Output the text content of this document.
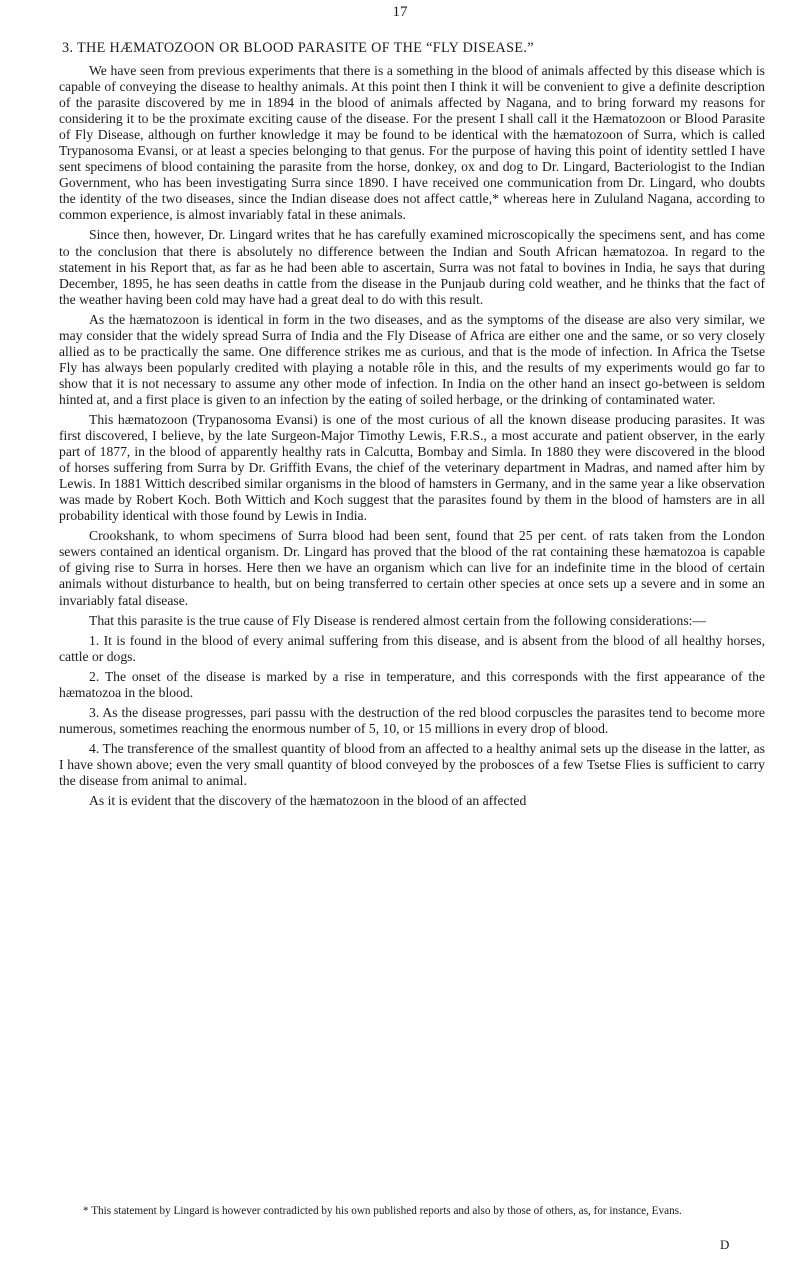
17
3. THE HÆMATOZOON OR BLOOD PARASITE OF THE “FLY DISEASE.”

We have seen from previous experiments that there is a something in the blood of animals affected by this disease which is capable of conveying the disease to healthy animals. At this point then I think it will be convenient to give a definite description of the parasite discovered by me in 1894 in the blood of animals affected by Nagana, and to bring forward my reasons for considering it to be the proximate exciting cause of the disease. For the present I shall call it the Hæmatozoon or Blood Parasite of Fly Disease, although on further knowledge it may be found to be identical with the hæmatozoon of Surra, which is called Trypanosoma Evansi, or at least a species belonging to that genus. For the purpose of having this point of identity settled I have sent specimens of blood containing the parasite from the horse, donkey, ox and dog to Dr. Lingard, Bacteriologist to the Indian Government, who has been investigating Surra since 1890. I have received one communication from Dr. Lingard, who doubts the identity of the two diseases, since the Indian disease does not affect cattle,* whereas here in Zululand Nagana, according to common experience, is almost invariably fatal in these animals.

Since then, however, Dr. Lingard writes that he has carefully examined microscopically the specimens sent, and has come to the conclusion that there is absolutely no difference between the Indian and South African hæmatozoa. In regard to the statement in his Report that, as far as he had been able to ascertain, Surra was not fatal to bovines in India, he says that during December, 1895, he has seen deaths in cattle from the disease in the Punjaub during cold weather, and he thinks that the fact of the weather having been cold may have had a great deal to do with this result.

As the hæmatozoon is identical in form in the two diseases, and as the symptoms of the disease are also very similar, we may consider that the widely spread Surra of India and the Fly Disease of Africa are either one and the same, or so very closely allied as to be practically the same. One difference strikes me as curious, and that is the mode of infection. In Africa the Tsetse Fly has always been popularly credited with playing a notable rôle in this, and the results of my experiments would go far to show that it is not necessary to assume any other mode of infection. In India on the other hand an insect go-between is seldom hinted at, and a first place is given to an infection by the eating of soiled herbage, or the drinking of contaminated water.

This hæmatozoon (Trypanosoma Evansi) is one of the most curious of all the known disease producing parasites. It was first discovered, I believe, by the late Surgeon-Major Timothy Lewis, F.R.S., a most accurate and patient observer, in the early part of 1877, in the blood of apparently healthy rats in Calcutta, Bombay and Simla. In 1880 they were discovered in the blood of horses suffering from Surra by Dr. Griffith Evans, the chief of the veterinary department in Madras, and named after him by Lewis. In 1881 Wittich described similar organisms in the blood of hamsters in Germany, and in the same year a like observation was made by Robert Koch. Both Wittich and Koch suggest that the parasites found by them in the blood of hamsters are in all probability identical with those found by Lewis in India.

Crookshank, to whom specimens of Surra blood had been sent, found that 25 per cent. of rats taken from the London sewers contained an identical organism. Dr. Lingard has proved that the blood of the rat containing these hæmatozoa is capable of giving rise to Surra in horses. Here then we have an organism which can live for an indefinite time in the blood of certain animals without disturbance to health, but on being transferred to certain other species at once sets up a severe and in some an invariably fatal disease.

That this parasite is the true cause of Fly Disease is rendered almost certain from the following considerations:—

1. It is found in the blood of every animal suffering from this disease, and is absent from the blood of all healthy horses, cattle or dogs.
2. The onset of the disease is marked by a rise in temperature, and this corresponds with the first appearance of the hæmatozoa in the blood.
3. As the disease progresses, pari passu with the destruction of the red blood corpuscles the parasites tend to become more numerous, sometimes reaching the enormous number of 5, 10, or 15 millions in every drop of blood.
4. The transference of the smallest quantity of blood from an affected to a healthy animal sets up the disease in the latter, as I have shown above; even the very small quantity of blood conveyed by the probosces of a few Tsetse Flies is sufficient to carry the disease from animal to animal.

As it is evident that the discovery of the hæmatozoon in the blood of an affected

* This statement by Lingard is however contradicted by his own published reports and also by those of others, as, for instance, Evans.
D
